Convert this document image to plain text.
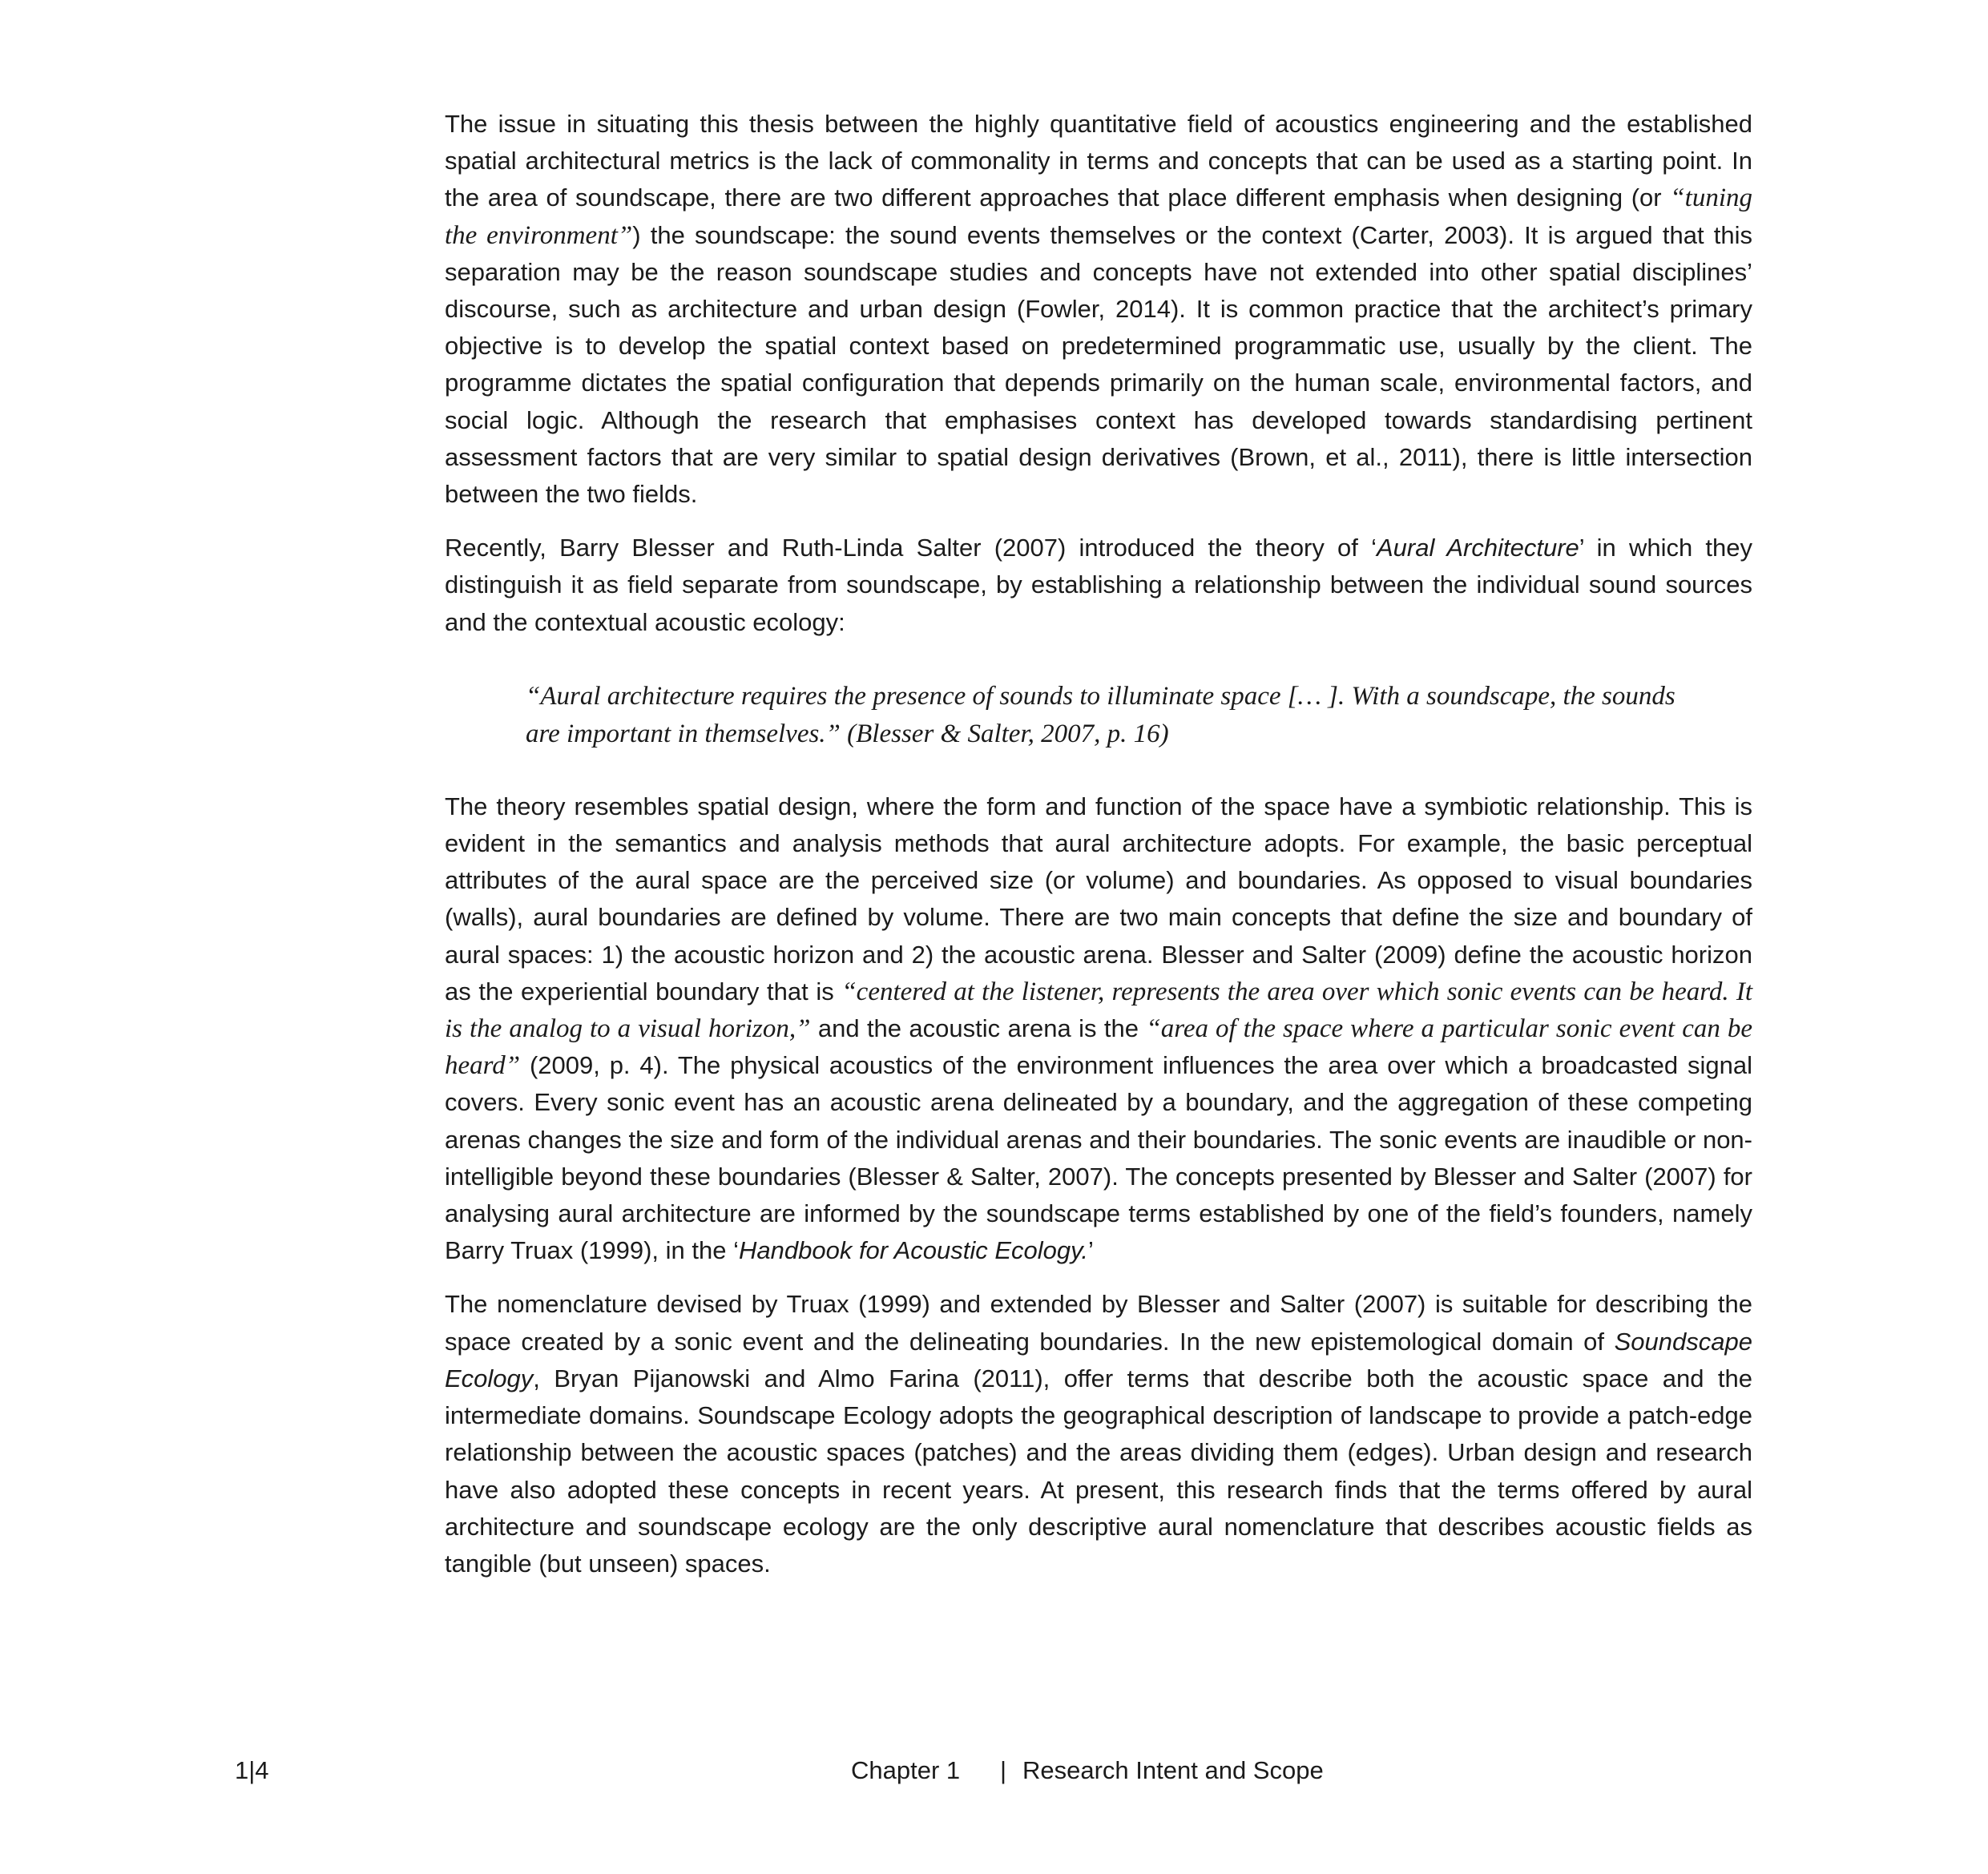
The issue in situating this thesis between the highly quantitative field of acoustics engineering and the established spatial architectural metrics is the lack of commonality in terms and concepts that can be used as a starting point. In the area of soundscape, there are two different approaches that place different emphasis when designing (or “tuning the environment”) the soundscape: the sound events themselves or the context (Carter, 2003). It is argued that this separation may be the reason soundscape studies and concepts have not extended into other spatial disciplines’ discourse, such as architecture and urban design (Fowler, 2014). It is common practice that the architect’s primary objective is to develop the spatial context based on predetermined programmatic use, usually by the client. The programme dictates the spatial configuration that depends primarily on the human scale, environmental factors, and social logic. Although the research that emphasises context has developed towards standardising pertinent assessment factors that are very similar to spatial design derivatives (Brown, et al., 2011), there is little intersection between the two fields.

Recently, Barry Blesser and Ruth-Linda Salter (2007) introduced the theory of ‘Aural Architecture’ in which they distinguish it as field separate from soundscape, by establishing a relationship between the individual sound sources and the contextual acoustic ecology:

“Aural architecture requires the presence of sounds to illuminate space [… ]. With a soundscape, the sounds
are important in themselves.” (Blesser & Salter, 2007, p. 16)

The theory resembles spatial design, where the form and function of the space have a symbiotic relationship. This is evident in the semantics and analysis methods that aural architecture adopts. For example, the basic perceptual attributes of the aural space are the perceived size (or volume) and boundaries. As opposed to visual boundaries (walls), aural boundaries are defined by volume. There are two main concepts that define the size and boundary of aural spaces: 1) the acoustic horizon and 2) the acoustic arena. Blesser and Salter (2009) define the acoustic horizon as the experiential boundary that is “centered at the listener, represents the area over which sonic events can be heard. It is the analog to a visual horizon,” and the acoustic arena is the “area of the space where a particular sonic event can be heard” (2009, p. 4). The physical acoustics of the environment influences the area over which a broadcasted signal covers. Every sonic event has an acoustic arena delineated by a boundary, and the aggregation of these competing arenas changes the size and form of the individual arenas and their boundaries. The sonic events are inaudible or non-intelligible beyond these boundaries (Blesser & Salter, 2007). The concepts presented by Blesser and Salter (2007) for analysing aural architecture are informed by the soundscape terms established by one of the field’s founders, namely Barry Truax (1999), in the ‘Handbook for Acoustic Ecology.’

The nomenclature devised by Truax (1999) and extended by Blesser and Salter (2007) is suitable for describing the space created by a sonic event and the delineating boundaries. In the new epistemological domain of Soundscape Ecology, Bryan Pijanowski and Almo Farina (2011), offer terms that describe both the acoustic space and the intermediate domains. Soundscape Ecology adopts the geographical description of landscape to provide a patch-edge relationship between the acoustic spaces (patches) and the areas dividing them (edges). Urban design and research have also adopted these concepts in recent years. At present, this research finds that the terms offered by aural architecture and soundscape ecology are the only descriptive aural nomenclature that describes acoustic fields as tangible (but unseen) spaces.

1|4	Chapter 1 | Research Intent and Scope
